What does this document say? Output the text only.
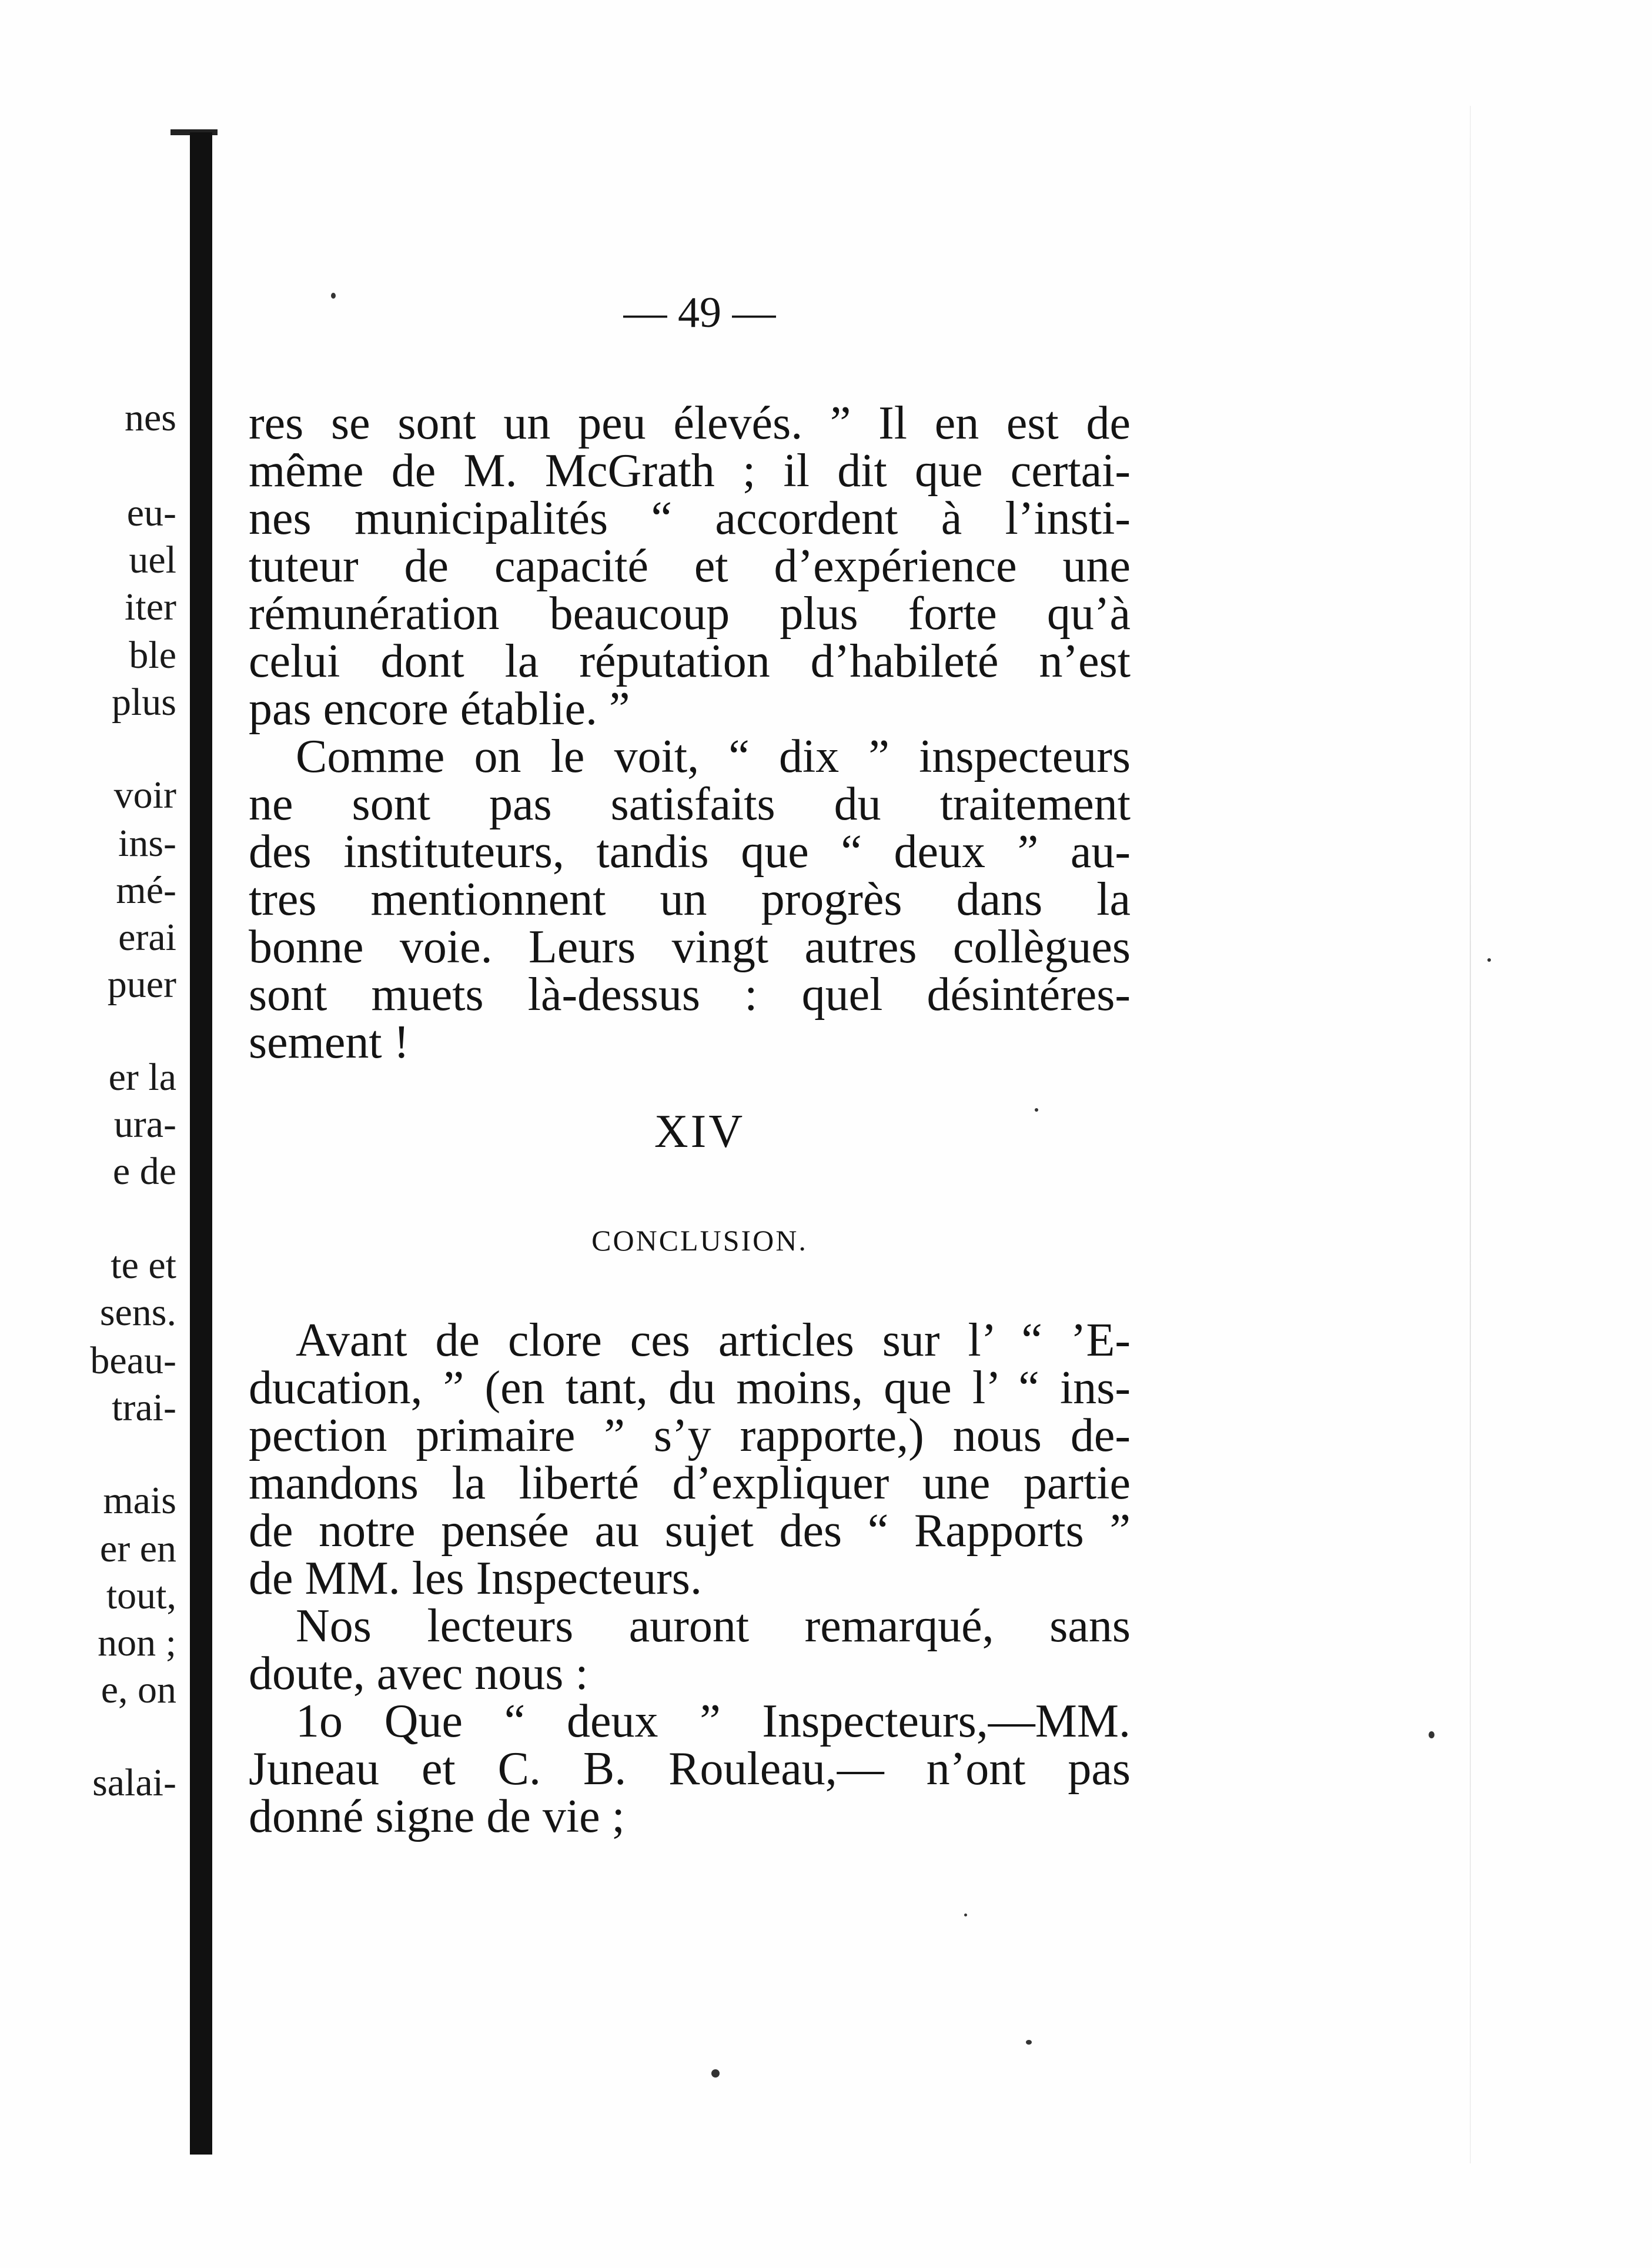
nes
eu-
uel
iter
ble
plus
voir
ins-
mé-
erai
puer
er la
ura-
e de
te et
sens.
beau-
trai-
mais
er en
tout,
non ;
e, on
salai-
— 49 —
res se sont un peu élevés. ” Il en est de
même de M. McGrath ; il dit que certai-
nes municipalités “ accordent à l’insti-
tuteur de capacité et d’expérience une
rémunération beaucoup plus forte qu’à
celui dont la réputation d’habileté n’est
pas encore établie. ”
Comme on le voit, “ dix ” inspecteurs
ne sont pas satisfaits du traitement
des instituteurs, tandis que “ deux ” au-
tres mentionnent un progrès dans la
bonne voie. Leurs vingt autres collègues
sont muets là-dessus : quel désintéres-
sement !
XIV
CONCLUSION.
Avant de clore ces articles sur l’ “ ’E-
ducation, ” (en tant, du moins, que l’ “ ins-
pection primaire ” s’y rapporte,) nous de-
mandons la liberté d’expliquer une partie
de notre pensée au sujet des “ Rapports ”
de MM. les Inspecteurs.
Nos lecteurs auront remarqué, sans
doute, avec nous :
1o Que “ deux ” Inspecteurs,—MM.
Juneau et C. B. Rouleau,— n’ont pas
donné signe de vie ;
